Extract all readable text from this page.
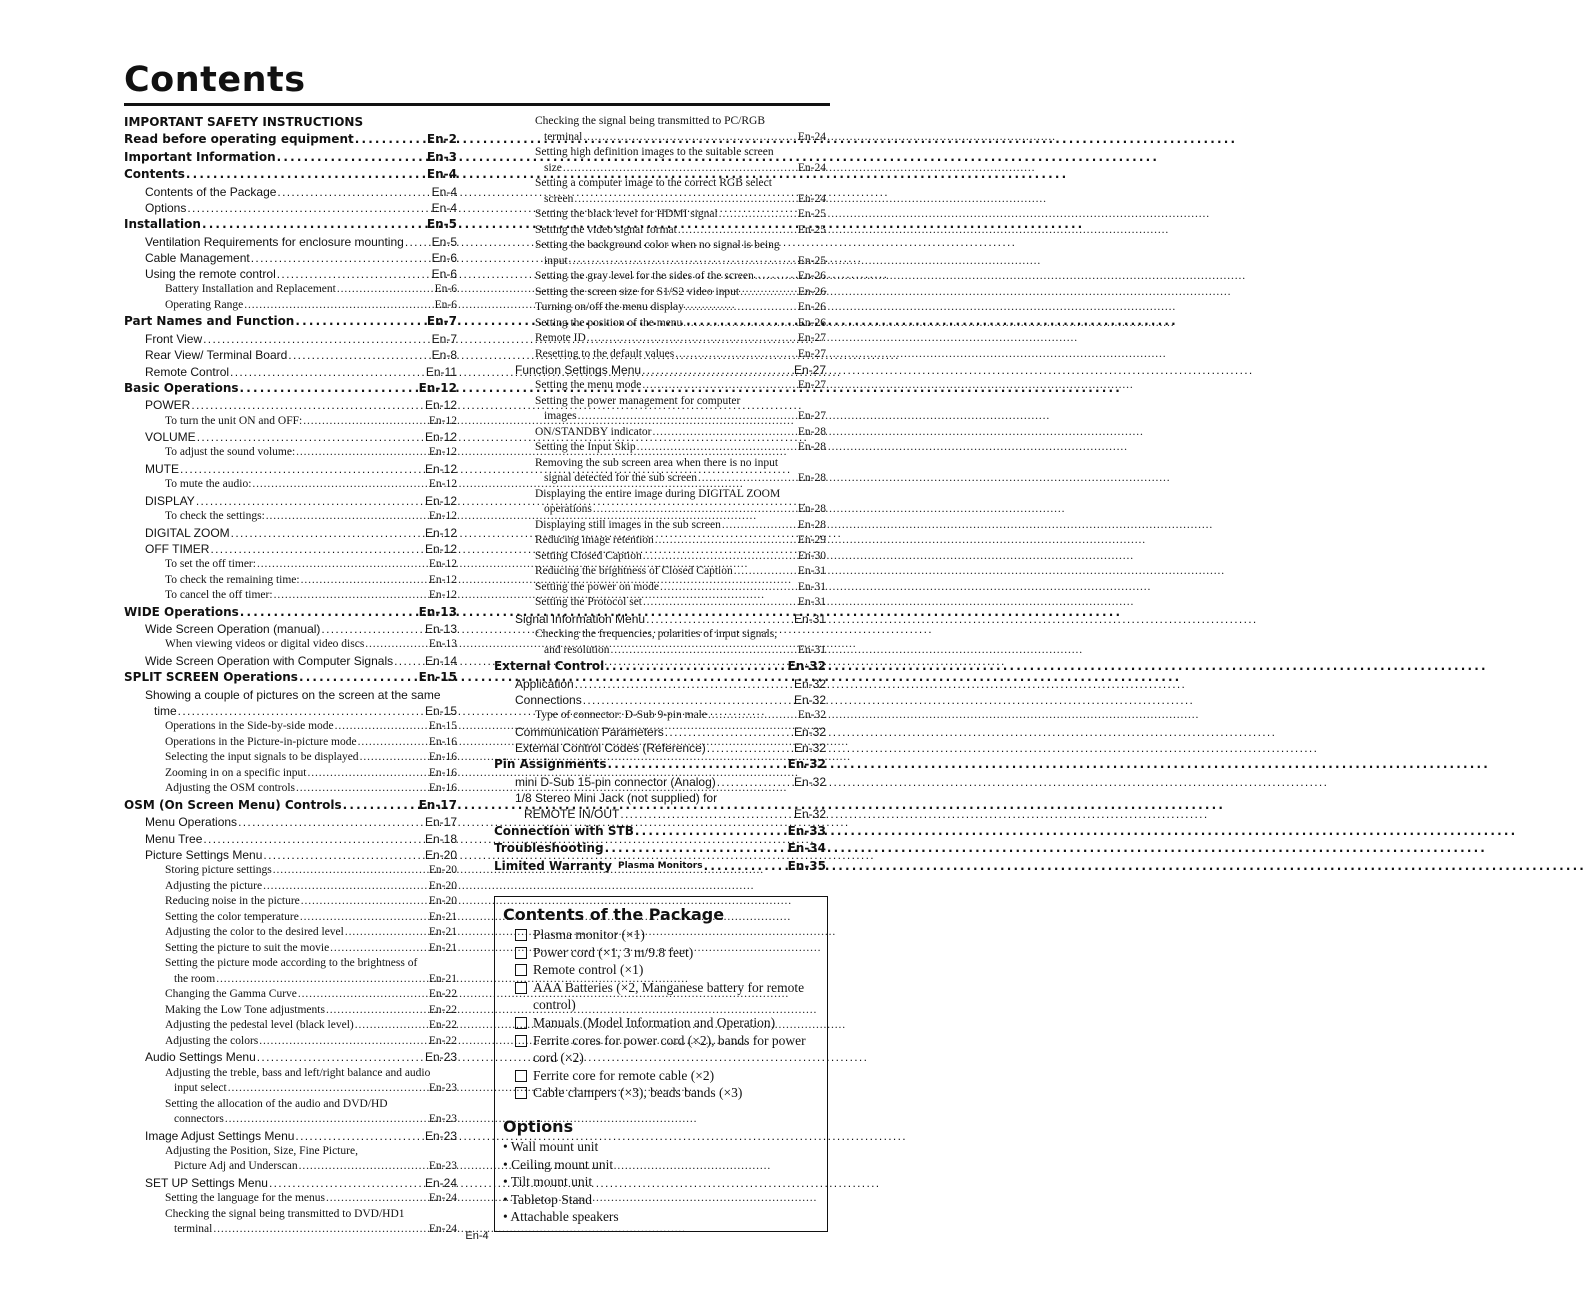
Contents
IMPORTANT SAFETY INSTRUCTIONS
Read before operating equipment . . .	En-2
Important Information . . .	En-3
Contents . . .	En-4
Contents of the Package . . .	En-4
Options . . .	En-4
Installation . . .	En-5
Ventilation Requirements for enclosure mounting . . . En-5
Cable Management . . .	En-6
Using the remote control . . .	En-6
Battery Installation and Replacement . . .	En-6
Operating Range . . .	En-6
Part Names and Function . . .	En-7
Front View . . .	En-7
Rear View/ Terminal Board . . .	En-8
Remote Control . . .	En-11
Basic Operations . . .	En-12
POWER . . .	En-12
To turn the unit ON and OFF: . . .	En-12
VOLUME . . .	En-12
To adjust the sound volume: . . .	En-12
MUTE . . .	En-12
To mute the audio: . . .	En-12
DISPLAY . . .	En-12
To check the settings: . . .	En-12
DIGITAL ZOOM . . .	En-12
OFF TIMER . . .	En-12
To set the off timer: . . .	En-12
To check the remaining time: . . .	En-12
To cancel the off timer: . . .	En-12
WIDE Operations . . .	En-13
Wide Screen Operation (manual) . . .	En-13
When viewing videos or digital video discs . . .	En-13
Wide Screen Operation with Computer Signals . . .	En-14
SPLIT SCREEN Operations . . .	En-15
Showing a couple of pictures on the screen at the same
time . . .	En-15
Operations in the Side-by-side mode . . .	En-15
Operations in the Picture-in-picture mode . . .	En-16
Selecting the input signals to be displayed . . .	En-16
Zooming in on a specific input . . .	En-16
Adjusting the OSM controls . . .	En-16
OSM (On Screen Menu) Controls . . .	En-17
Menu Operations . . .	En-17
Menu Tree . . .	En-18
Picture Settings Menu . . .	En-20
Storing picture settings . . .	En-20
Adjusting the picture . . .	En-20
Reducing noise in the picture . . .	En-20
Setting the color temperature . . .	En-21
Adjusting the color to the desired level . . .	En-21
Setting the picture to suit the movie . . .	En-21
Setting the picture mode according to the brightness of
the room . . .	En-21
Changing the Gamma Curve . . .	En-22
Making the Low Tone adjustments . . .	En-22
Adjusting the pedestal level (black level) . . .	En-22
Adjusting the colors . . .	En-22
Audio Settings Menu . . .	En-23
Adjusting the treble, bass and left/right balance and audio
input select . . .	En-23
Setting the allocation of the audio and DVD/HD
connectors . . .	En-23
Image Adjust Settings Menu . . .	En-23
Adjusting the Position, Size, Fine Picture,
Picture Adj and Underscan . . .	En-23
SET UP Settings Menu . . .	En-24
Setting the language for the menus . . .	En-24
Checking the signal being transmitted to DVD/HD1
terminal . . .	En-24
Checking the signal being transmitted to PC/RGB
terminal . . .	En-24
Setting high definition images to the suitable screen
size . . .	En-24
Setting a computer image to the correct RGB select
screen . . .	En-24
Setting the black level for HDMI signal . . .	En-25
Setting the video signal format . . .	En-25
Setting the background color when no signal is being
input . . .	En-25
Setting the gray level for the sides of the screen . . .	En-26
Setting the screen size for S1/S2 video input . . .	En-26
Turning on/off the menu display . . .	En-26
Setting the position of the menu . . .	En-26
Remote ID . . .	En-27
Resetting to the default values . . .	En-27
Function Settings Menu . . .	En-27
Setting the menu mode . . .	En-27
Setting the power management for computer
images . . .	En-27
ON/STANDBY indicator . . .	En-28
Setting the Input Skip . . .	En-28
Removing the sub screen area when there is no input
signal detected for the sub screen . . .	En-28
Displaying the entire image during DIGITAL ZOOM
operations . . .	En-28
Displaying still images in the sub screen . . .	En-28
Reducing image retention . . .	En-29
Setting Closed Caption . . .	En-30
Reducing the brightness of Closed Caption . . .	En-31
Setting the power on mode . . .	En-31
Setting the Protocol set . . .	En-31
Signal Information Menu . . .	En-31
Checking the frequencies, polarities of input signals,
and resolution . . .	En-31
External Control . . .	En-32
Application . . .	En-32
Connections . . .	En-32
Type of connector: D-Sub 9-pin male . . .	En-32
Communication Parameters . . .	En-32
External Control Codes (Reference) . . .	En-32
Pin Assignments . . .	En-32
mini D-Sub 15-pin connector (Analog) . . .	En-32
1/8 Stereo Mini Jack (not supplied) for
REMOTE IN/OUT . . .	En-32
Connection with STB . . .	En-33
Troubleshooting . . .	En-34
Limited Warranty Plasma Monitors . . .	En-35
Contents of the Package
Plasma monitor (×1)
Power cord (×1, 3 m/9.8 feet)
Remote control (×1)
AAA Batteries (×2, Manganese battery for remote control)
Manuals (Model Information and Operation)
Ferrite cores for power cord (×2), bands for power cord (×2)
Ferrite core for remote cable (×2)
Cable clampers (×3), beads bands (×3)
Options
• Wall mount unit
• Ceiling mount unit
• Tilt mount unit
• Tabletop Stand
• Attachable speakers
En-4
